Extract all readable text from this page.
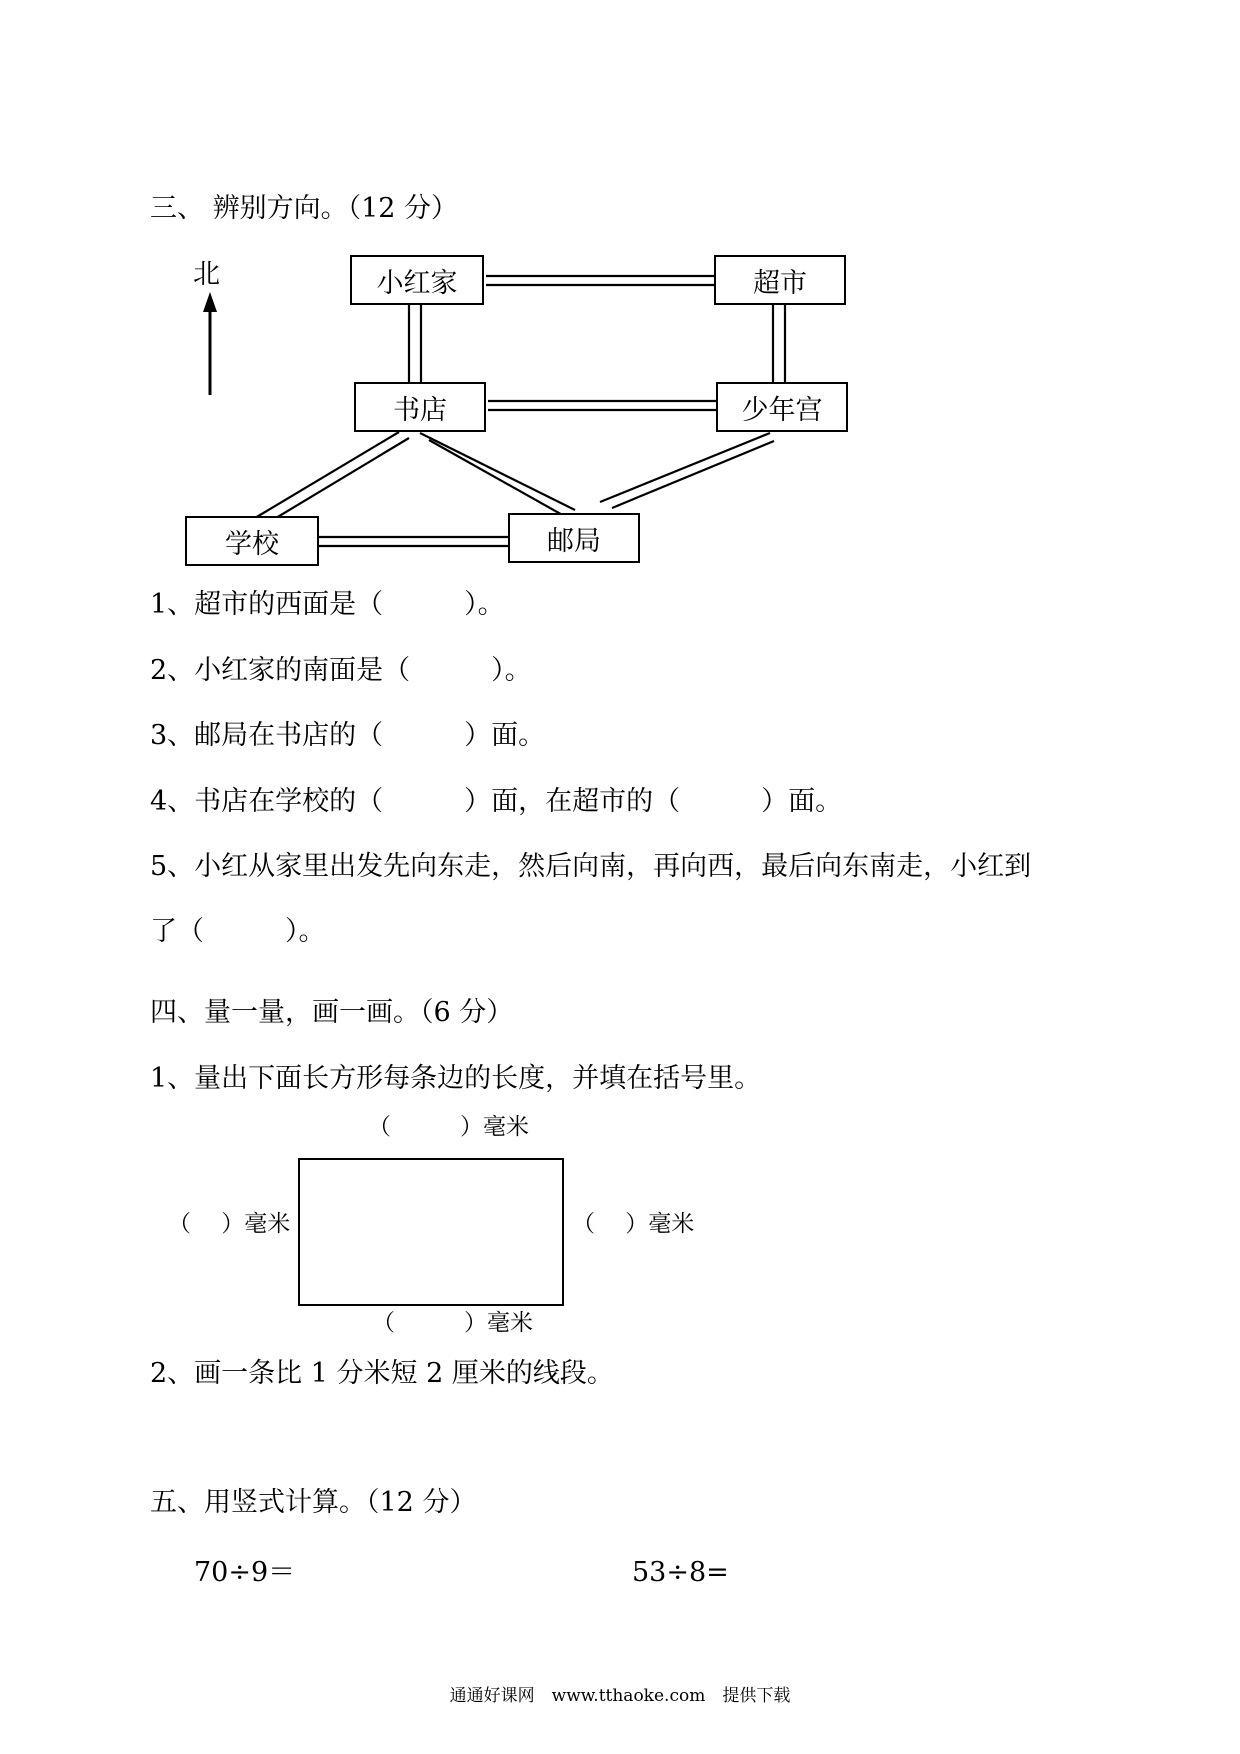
三、 辨别方向。（12 分）
北	小红家	超市
书店	少年宫
学校	邮局
1、超市的西面是（　　　）。
2、小红家的南面是（　　　）。
3、邮局在书店的（　　　）面。
4、书店在学校的（　　　）面，在超市的（　　　）面。
5、小红从家里出发先向东走，然后向南，再向西，最后向东南走，小红到
了（　　　）。
四、量一量，画一画。（6 分）
1、量出下面长方形每条边的长度，并填在括号里。
（　　　）毫米
（　 ）毫米	（　 ）毫米
（　　　）毫米
2、画一条比 1 分米短 2 厘米的线段。
五、用竖式计算。（12 分）
70÷9＝	53÷8=
通通好课网　www.tthaoke.com　提供下载
